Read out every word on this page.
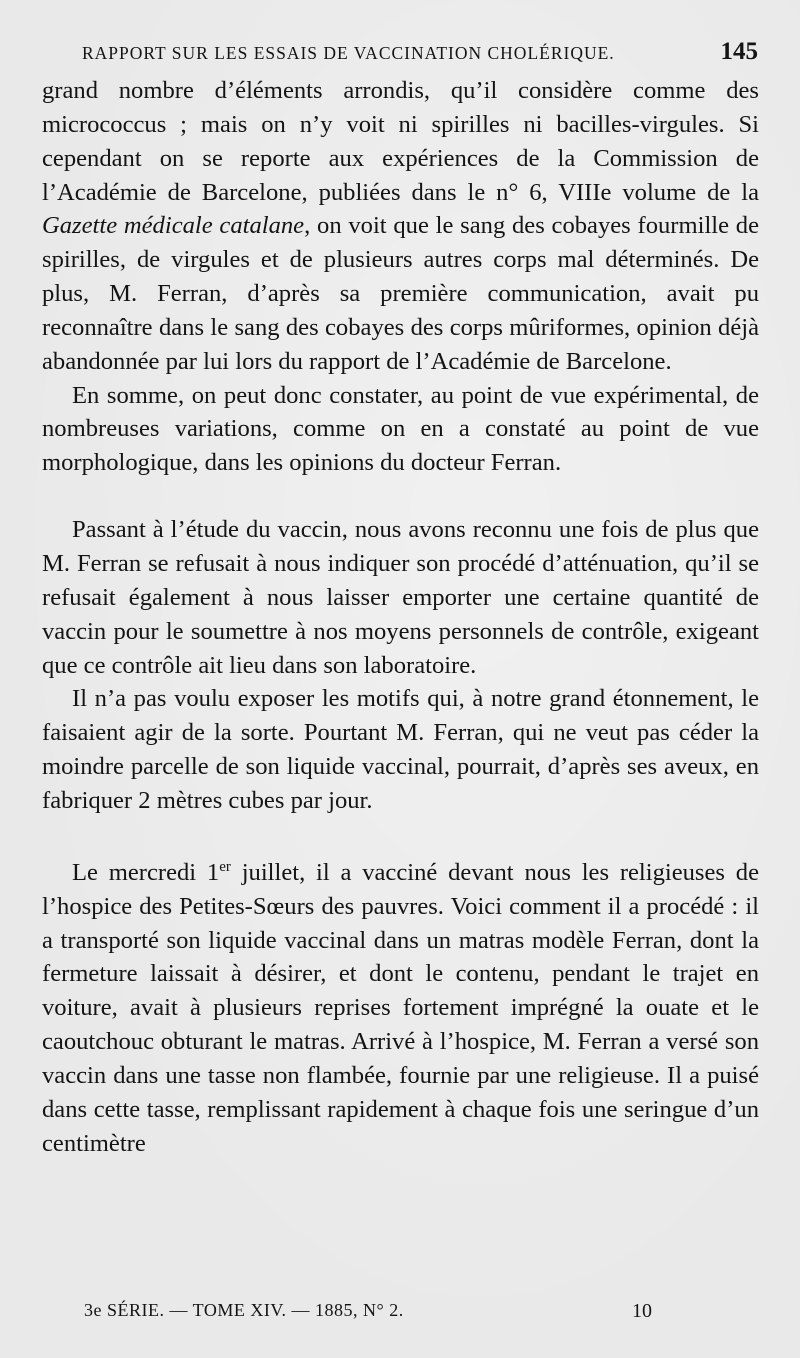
RAPPORT SUR LES ESSAIS DE VACCINATION CHOLÉRIQUE.	145

grand nombre d’éléments arrondis, qu’il considère comme des micrococcus ; mais on n’y voit ni spirilles ni bacilles-virgules. Si cependant on se reporte aux expériences de la Commission de l’Académie de Barcelone, publiées dans le n° 6, VIIIe volume de la Gazette médicale catalane, on voit que le sang des cobayes fourmille de spirilles, de virgules et de plusieurs autres corps mal déterminés. De plus, M. Ferran, d’après sa première communication, avait pu reconnaître dans le sang des cobayes des corps mûriformes, opinion déjà abandonnée par lui lors du rapport de l’Académie de Barcelone.

En somme, on peut donc constater, au point de vue expérimental, de nombreuses variations, comme on en a constaté au point de vue morphologique, dans les opinions du docteur Ferran.

Passant à l’étude du vaccin, nous avons reconnu une fois de plus que M. Ferran se refusait à nous indiquer son procédé d’atténuation, qu’il se refusait également à nous laisser emporter une certaine quantité de vaccin pour le soumettre à nos moyens personnels de contrôle, exigeant que ce contrôle ait lieu dans son laboratoire.

Il n’a pas voulu exposer les motifs qui, à notre grand étonnement, le faisaient agir de la sorte. Pourtant M. Ferran, qui ne veut pas céder la moindre parcelle de son liquide vaccinal, pourrait, d’après ses aveux, en fabriquer 2 mètres cubes par jour.

Le mercredi 1er juillet, il a vacciné devant nous les religieuses de l’hospice des Petites-Sœurs des pauvres. Voici comment il a procédé : il a transporté son liquide vaccinal dans un matras modèle Ferran, dont la fermeture laissait à désirer, et dont le contenu, pendant le trajet en voiture, avait à plusieurs reprises fortement imprégné la ouate et le caoutchouc obturant le matras. Arrivé à l’hospice, M. Ferran a versé son vaccin dans une tasse non flambée, fournie par une religieuse. Il a puisé dans cette tasse, remplissant rapidement à chaque fois une seringue d’un centimètre

3e SÉRIE. — TOME XIV. — 1885, N° 2.	10
